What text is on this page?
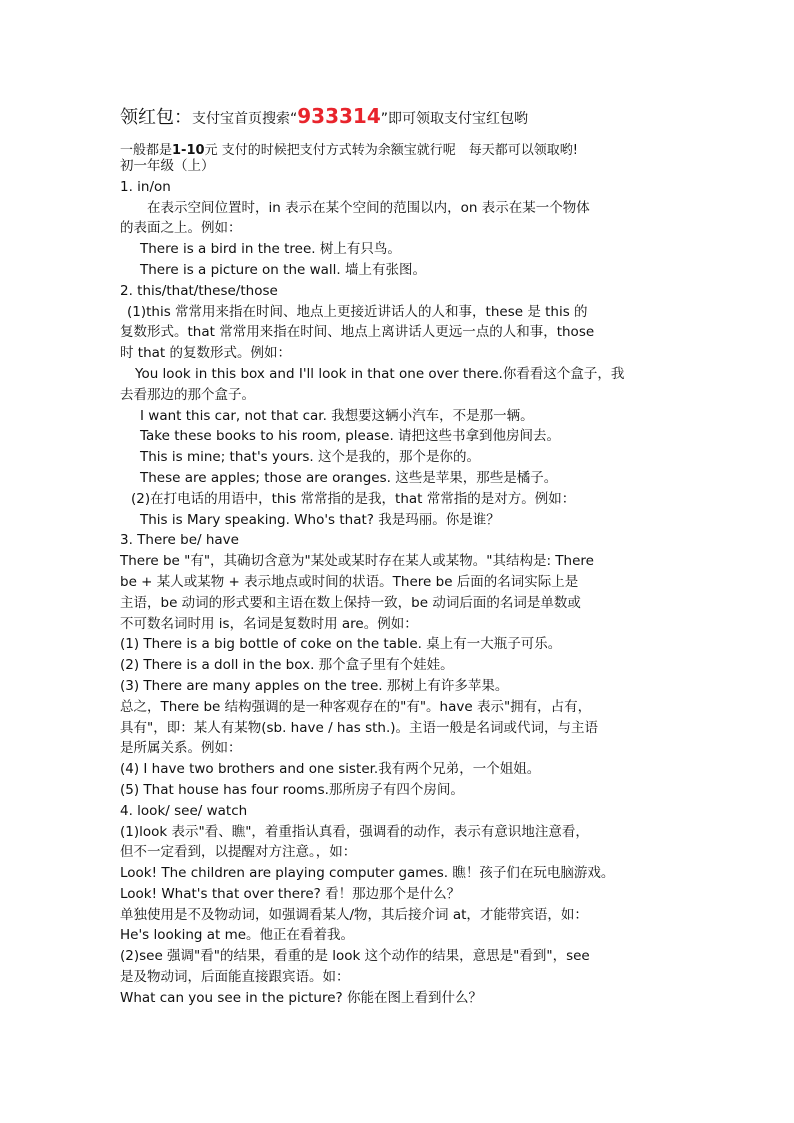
领红包：支付宝首页搜索“933314”即可领取支付宝红包哟
一般都是1-10元 支付的时候把支付方式转为余额宝就行呢　每天都可以领取哟!

初一年级（上）

1. in/on

在表示空间位置时，in 表示在某个空间的范围以内，on 表示在某一个物体

的表面之上。例如：

There is a bird in the tree. 树上有只鸟。

There is a picture on the wall. 墙上有张图。

2. this/that/these/those

(1)this 常常用来指在时间、地点上更接近讲话人的人和事，these 是 this 的

复数形式。that 常常用来指在时间、地点上离讲话人更远一点的人和事，those

时 that 的复数形式。例如：

You look in this box and I'll look in that one over there.你看看这个盒子，我

去看那边的那个盒子。

I want this car, not that car. 我想要这辆小汽车，不是那一辆。

Take these books to his room, please. 请把这些书拿到他房间去。

This is mine; that's yours. 这个是我的，那个是你的。

These are apples; those are oranges. 这些是苹果，那些是橘子。

(2)在打电话的用语中，this 常常指的是我，that 常常指的是对方。例如：

This is Mary speaking. Who's that? 我是玛丽。你是谁？

3. There be/ have

There be "有"，其确切含意为"某处或某时存在某人或某物。"其结构是: There

be + 某人或某物 + 表示地点或时间的状语。There be 后面的名词实际上是

主语，be 动词的形式要和主语在数上保持一致，be 动词后面的名词是单数或

不可数名词时用 is，名词是复数时用 are。例如：

(1) There is a big bottle of coke on the table. 桌上有一大瓶子可乐。

(2) There is a doll in the box. 那个盒子里有个娃娃。

(3) There are many apples on the tree. 那树上有许多苹果。

总之，There be 结构强调的是一种客观存在的"有"。have 表示"拥有，占有，

具有"，即：某人有某物(sb. have / has sth.)。主语一般是名词或代词，与主语

是所属关系。例如：

(4) I have two brothers and one sister.我有两个兄弟，一个姐姐。

(5) That house has four rooms.那所房子有四个房间。

4. look/ see/ watch

(1)look 表示"看、瞧"，着重指认真看，强调看的动作，表示有意识地注意看，

但不一定看到，以提醒对方注意。，如：

Look! The children are playing computer games. 瞧！孩子们在玩电脑游戏。

Look! What's that over there? 看！那边那个是什么？

单独使用是不及物动词，如强调看某人/物，其后接介词 at，才能带宾语，如：

He's looking at me。他正在看着我。

(2)see 强调"看"的结果，看重的是 look 这个动作的结果，意思是"看到"，see

是及物动词，后面能直接跟宾语。如：

What can you see in the picture? 你能在图上看到什么？
